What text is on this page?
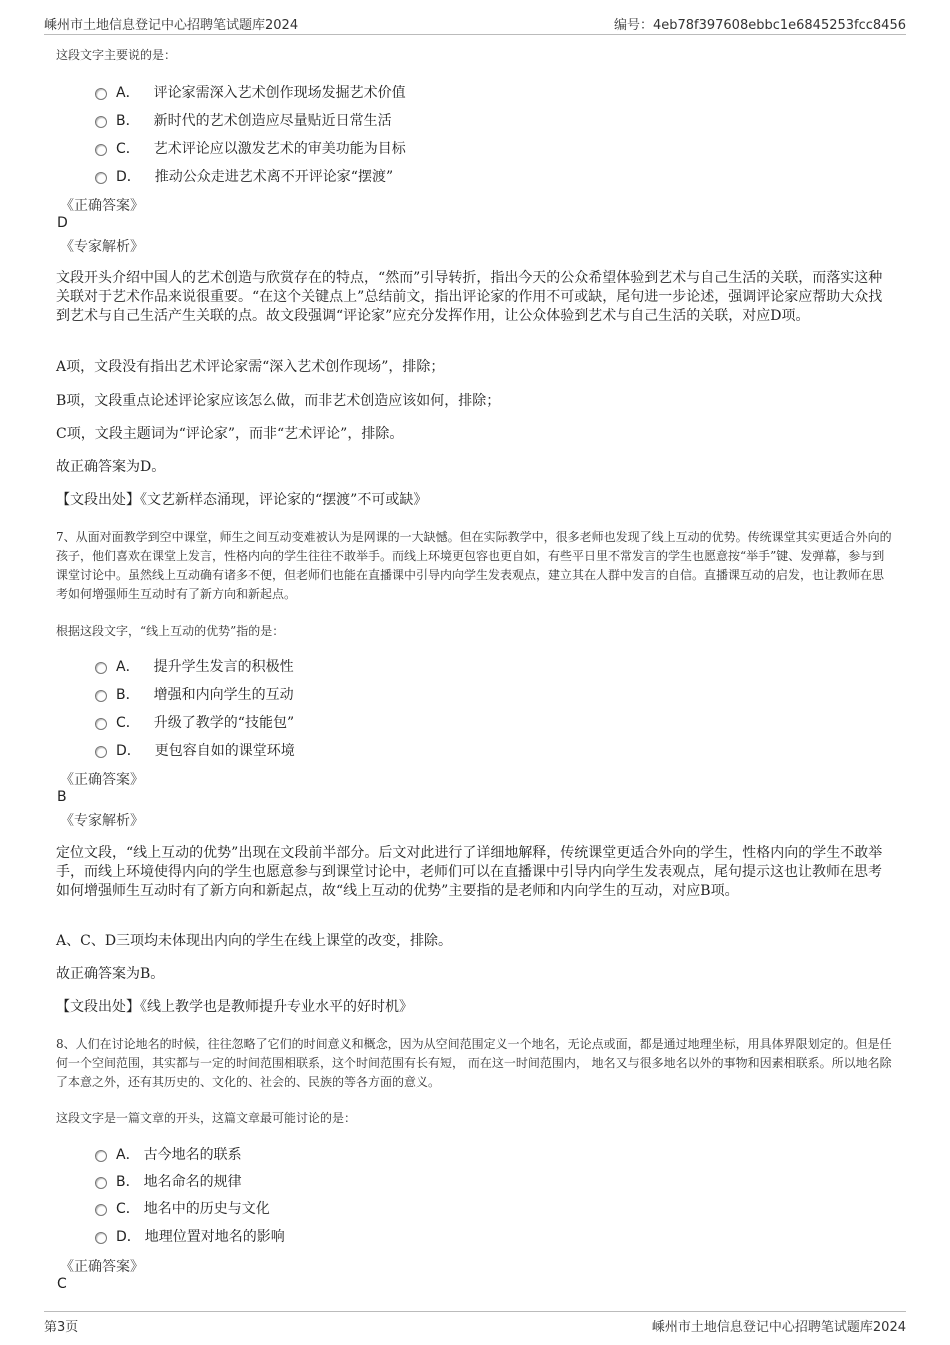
嵊州市土地信息登记中心招聘笔试题库2024	编号：4eb78f397608ebbc1e6845253fcc8456
这段文字主要说的是：
A． 评论家需深入艺术创作现场发掘艺术价值
B． 新时代的艺术创造应尽量贴近日常生活
C． 艺术评论应以激发艺术的审美功能为目标
D． 推动公众走进艺术离不开评论家“摆渡”
《正确答案》
D
《专家解析》
文段开头介绍中国人的艺术创造与欣赏存在的特点，“然而”引导转折，指出今天的公众希望体验到艺术与自己生活的关联，而落实这种关联对于艺术作品来说很重要。“在这个关键点上”总结前文，指出评论家的作用不可或缺，尾句进一步论述，强调评论家应帮助大众找到艺术与自己生活产生关联的点。故文段强调“评论家”应充分发挥作用，让公众体验到艺术与自己生活的关联，对应D项。
A项，文段没有指出艺术评论家需“深入艺术创作现场”，排除；
B项，文段重点论述评论家应该怎么做，而非艺术创造应该如何，排除；
C项，文段主题词为“评论家”，而非“艺术评论”，排除。
故正确答案为D。
【文段出处】《文艺新样态涌现，评论家的“摆渡”不可或缺》
7、从面对面教学到空中课堂，师生之间互动变难被认为是网课的一大缺憾。但在实际教学中，很多老师也发现了线上互动的优势。传统课堂其实更适合外向的孩子，他们喜欢在课堂上发言，性格内向的学生往往不敢举手。而线上环境更包容也更自如，有些平日里不常发言的学生也愿意按“举手”键、发弹幕，参与到课堂讨论中。虽然线上互动确有诸多不便，但老师们也能在直播课中引导内向学生发表观点，建立其在人群中发言的自信。直播课互动的启发，也让教师在思考如何增强师生互动时有了新方向和新起点。
根据这段文字，“线上互动的优势”指的是：
A． 提升学生发言的积极性
B． 增强和内向学生的互动
C． 升级了教学的“技能包”
D． 更包容自如的课堂环境
《正确答案》
B
《专家解析》
定位文段，“线上互动的优势”出现在文段前半部分。后文对此进行了详细地解释，传统课堂更适合外向的学生，性格内向的学生不敢举手，而线上环境使得内向的学生也愿意参与到课堂讨论中，老师们可以在直播课中引导内向学生发表观点，尾句提示这也让教师在思考如何增强师生互动时有了新方向和新起点，故“线上互动的优势”主要指的是老师和内向学生的互动，对应B项。
A、C、D三项均未体现出内向的学生在线上课堂的改变，排除。
故正确答案为B。
【文段出处】《线上教学也是教师提升专业水平的好时机》
8、人们在讨论地名的时候，往往忽略了它们的时间意义和概念，因为从空间范围定义一个地名，无论点或面，都是通过地理坐标，用具体界限划定的。但是任何一个空间范围，其实都与一定的时间范围相联系，这个时间范围有长有短， 而在这一时间范围内， 地名又与很多地名以外的事物和因素相联系。所以地名除了本意之外，还有其历史的、文化的、社会的、民族的等各方面的意义。
这段文字是一篇文章的开头，这篇文章最可能讨论的是：
A． 古今地名的联系
B． 地名命名的规律
C． 地名中的历史与文化
D． 地理位置对地名的影响
《正确答案》
C
第3页	嵊州市土地信息登记中心招聘笔试题库2024
